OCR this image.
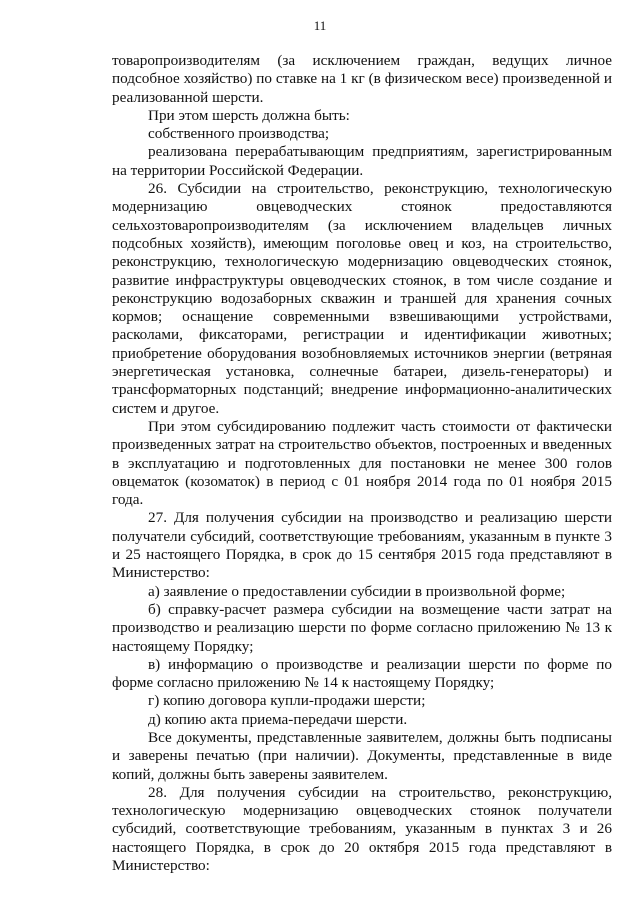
11

товаропроизводителям (за исключением граждан, ведущих личное подсобное хозяйство) по ставке на 1 кг (в физическом весе) произведенной и реализованной шерсти.

При этом шерсть должна быть:

собственного производства;

реализована перерабатывающим предприятиям, зарегистрированным на территории Российской Федерации.

26. Субсидии на строительство, реконструкцию, технологическую модернизацию овцеводческих стоянок предоставляются сельхозтоваропроизводителям (за исключением владельцев личных подсобных хозяйств), имеющим поголовье овец и коз, на строительство, реконструкцию, технологическую модернизацию овцеводческих стоянок, развитие инфраструктуры овцеводческих стоянок, в том числе создание и реконструкцию водозаборных скважин и траншей для хранения сочных кормов; оснащение современными взвешивающими устройствами, расколами, фиксаторами, регистрации и идентификации животных; приобретение оборудования возобновляемых источников энергии (ветряная энергетическая установка, солнечные батареи, дизель-генераторы) и трансформаторных подстанций; внедрение информационно-аналитических систем и другое.

При этом субсидированию подлежит часть стоимости от фактически произведенных затрат на строительство объектов, построенных и введенных в эксплуатацию и подготовленных для постановки не менее 300 голов овцематок (козоматок) в период с 01 ноября 2014 года по 01 ноября 2015 года.

27. Для получения субсидии на производство и реализацию шерсти получатели субсидий, соответствующие требованиям, указанным в пункте 3 и 25 настоящего Порядка, в срок до 15 сентября 2015 года представляют в Министерство:

а) заявление о предоставлении субсидии в произвольной форме;

б) справку-расчет размера субсидии на возмещение части затрат на производство и реализацию шерсти по форме согласно приложению № 13 к настоящему Порядку;

в) информацию о производстве и реализации шерсти по форме по форме согласно приложению № 14 к настоящему Порядку;

г) копию договора купли-продажи шерсти;

д) копию акта приема-передачи шерсти.

Все документы, представленные заявителем, должны быть подписаны и заверены печатью (при наличии). Документы, представленные в виде копий, должны быть заверены заявителем.

28. Для получения субсидии на строительство, реконструкцию, технологическую модернизацию овцеводческих стоянок получатели субсидий, соответствующие требованиям, указанным в пунктах 3 и 26 настоящего Порядка, в срок до 20 октября 2015 года представляют в Министерство:
